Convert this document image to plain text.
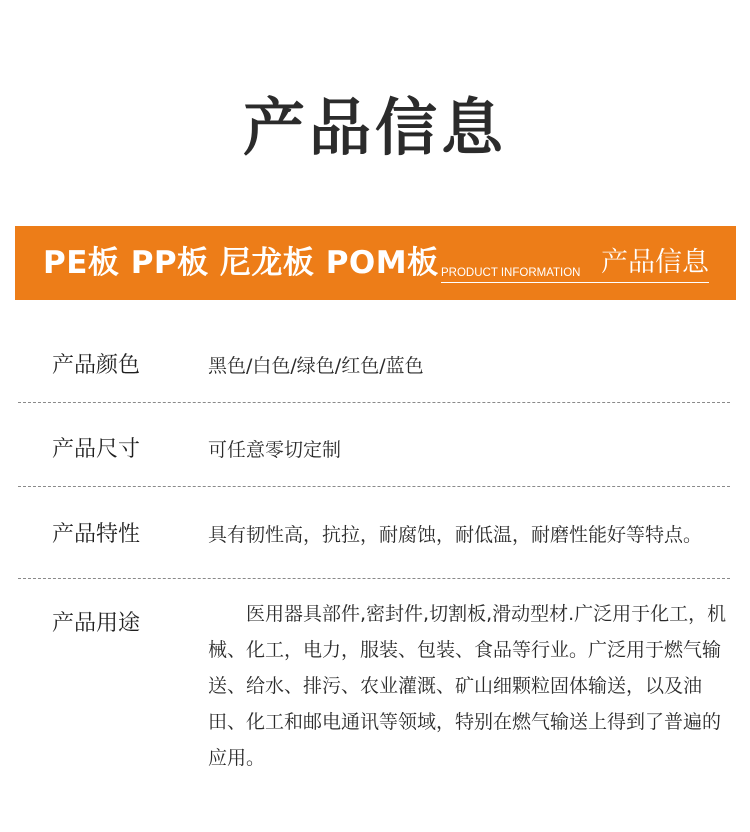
产品信息
PE板 PP板 尼龙板 POM板 PRODUCT INFORMATION 产品信息
产品颜色	黑色/白色/绿色/红色/蓝色
产品尺寸	可任意零切定制
产品特性	具有韧性高，抗拉，耐腐蚀，耐低温，耐磨性能好等特点。
产品用途	医用器具部件,密封件,切割板,滑动型材.广泛用于化工，机械、化工，电力，服装、包装、食品等行业。广泛用于燃气输送、给水、排污、农业灌溉、矿山细颗粒固体输送，以及油田、化工和邮电通讯等领域，特别在燃气输送上得到了普遍的应用。
